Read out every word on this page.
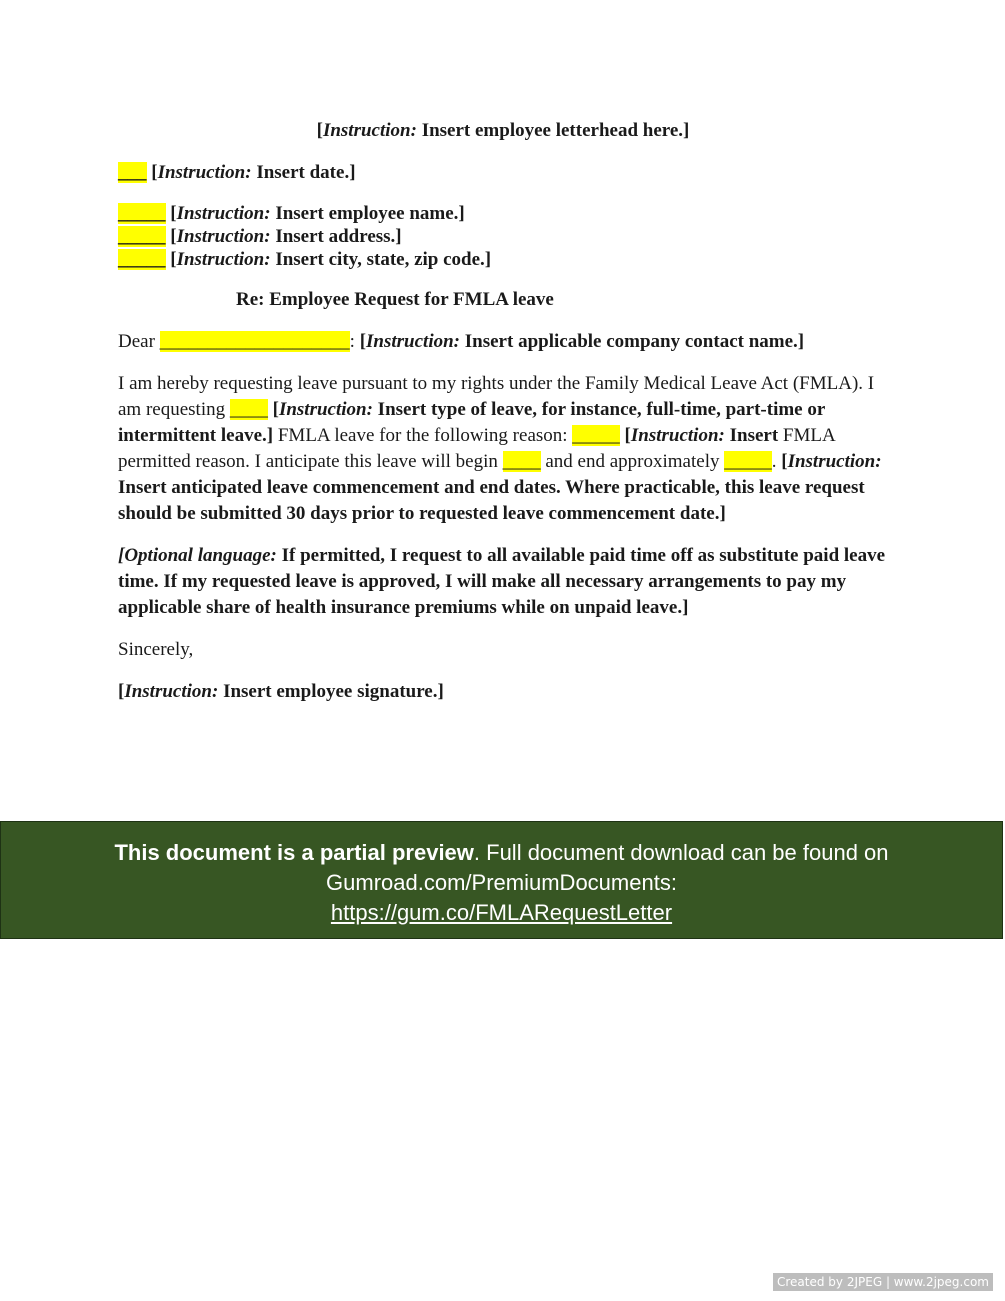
[Instruction: Insert employee letterhead here.]

___ [Instruction: Insert date.]

_____ [Instruction: Insert employee name.]

_____ [Instruction: Insert address.]

_____ [Instruction: Insert city, state, zip code.]

Re: Employee Request for FMLA leave

Dear ____________________: [Instruction: Insert applicable company contact name.]

I am hereby requesting leave pursuant to my rights under the Family Medical Leave Act (FMLA). I am requesting ____ [Instruction: Insert type of leave, for instance, full-time, part-time or intermittent leave.] FMLA leave for the following reason: _____ [Instruction: Insert FMLA permitted reason. I anticipate this leave will begin ____ and end approximately _____. [Instruction: Insert anticipated leave commencement and end dates. Where practicable, this leave request should be submitted 30 days prior to requested leave commencement date.]

[Optional language: If permitted, I request to all available paid time off as substitute paid leave time. If my requested leave is approved, I will make all necessary arrangements to pay my applicable share of health insurance premiums while on unpaid leave.]

Sincerely,

[Instruction: Insert employee signature.]

This document is a partial preview. Full document download can be found on
Gumroad.com/PremiumDocuments:
https://gum.co/FMLARequestLetter
Created by 2JPEG | www.2jpeg.com
